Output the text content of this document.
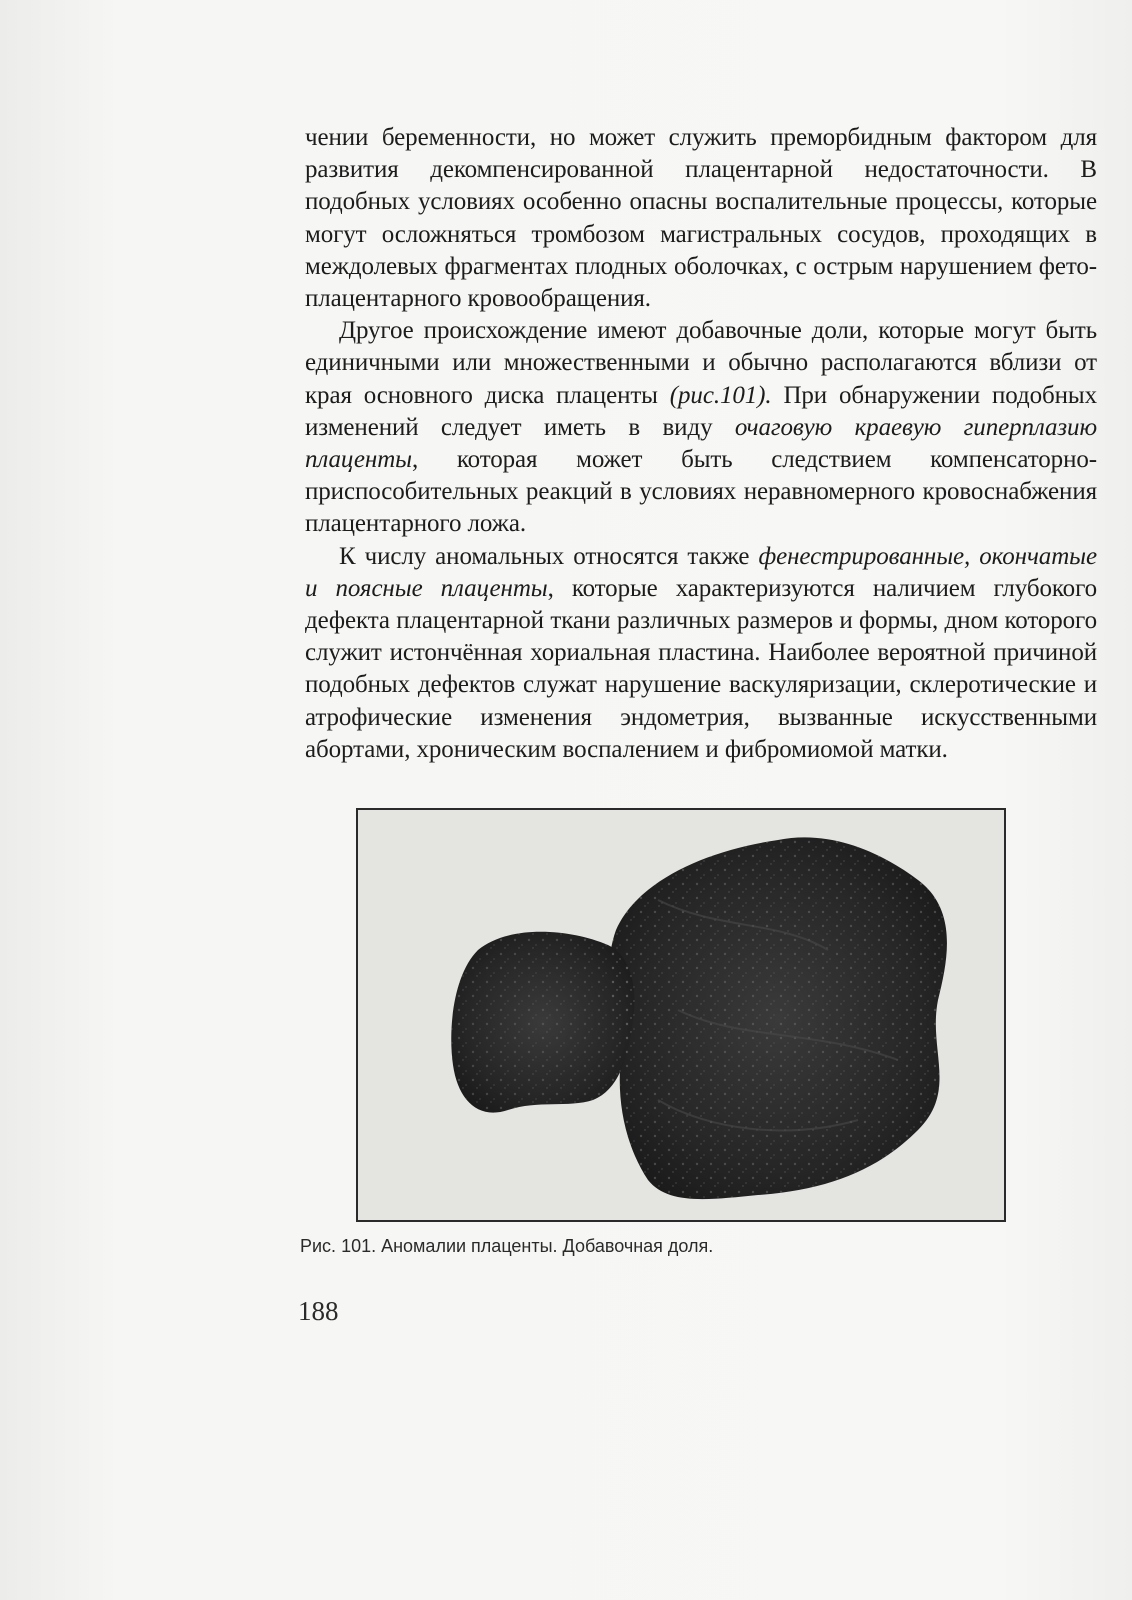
чении беременности, но может служить преморбидным фактором для развития декомпенсированной плацентарной недостаточности. В подобных условиях особенно опасны воспалительные процессы, которые могут осложняться тромбозом магистральных сосудов, проходящих в междолевых фрагментах плодных оболочках, с острым нарушением фето-плацентарного кровообращения.

Другое происхождение имеют добавочные доли, которые могут быть единичными или множественными и обычно располагаются вблизи от края основного диска плаценты (рис.101). При обнаружении подобных изменений следует иметь в виду очаговую краевую гиперплазию плаценты, которая может быть следствием компенсаторно-приспособительных реакций в условиях неравномерного кровоснабжения плацентарного ложа.

К числу аномальных относятся также фенестрированные, окончатые и поясные плаценты, которые характеризуются наличием глубокого дефекта плацентарной ткани различных размеров и формы, дном которого служит истончённая хориальная пластина. Наиболее вероятной причиной подобных дефектов служат нарушение васкуляризации, склеротические и атрофические изменения эндометрия, вызванные искусственными абортами, хроническим воспалением и фибромиомой матки.

Рис. 101. Аномалии плаценты. Добавочная доля.
188
